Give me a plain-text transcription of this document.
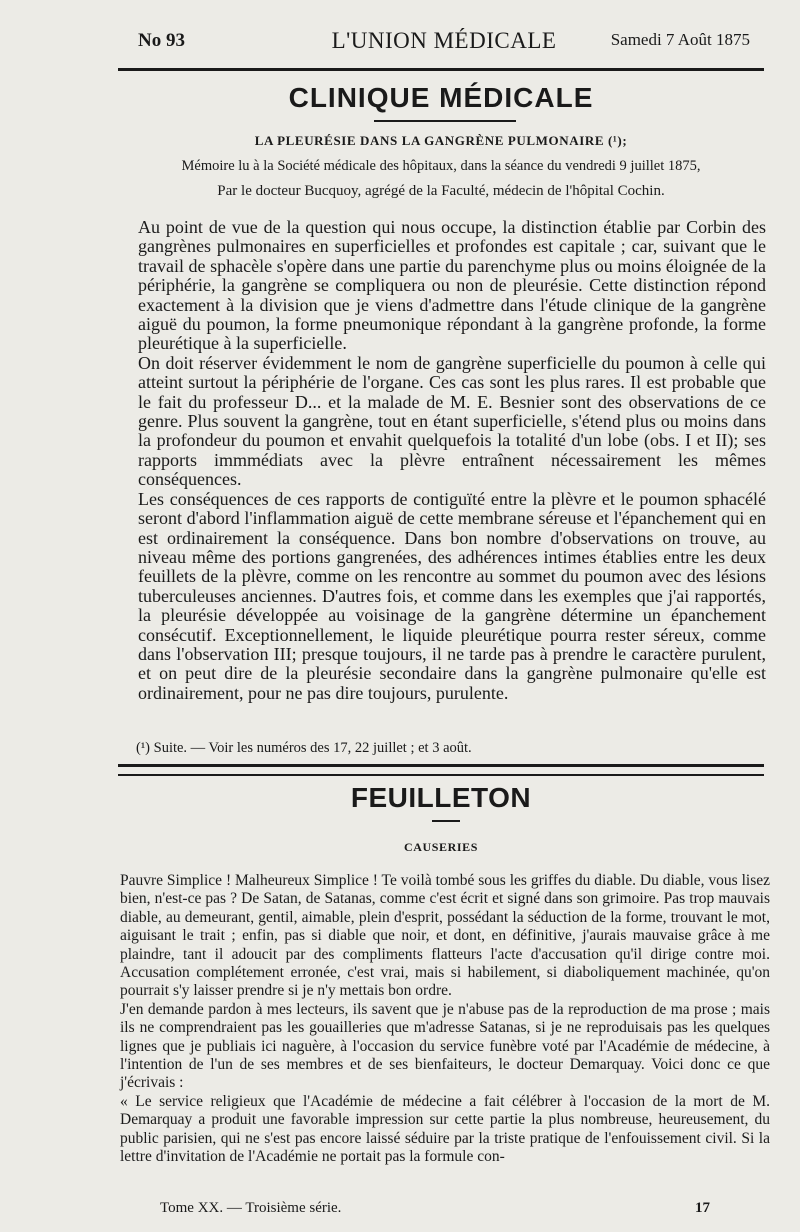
No 93	L'UNION MÉDICALE	Samedi 7 Août 1875
CLINIQUE MÉDICALE
LA PLEURÉSIE DANS LA GANGRÈNE PULMONAIRE (¹);
Mémoire lu à la Société médicale des hôpitaux, dans la séance du vendredi 9 juillet 1875,
Par le docteur Bucquoy, agrégé de la Faculté, médecin de l'hôpital Cochin.

Au point de vue de la question qui nous occupe, la distinction établie par Corbin des gangrènes pulmonaires en superficielles et profondes est capitale ; car, suivant que le travail de sphacèle s'opère dans une partie du parenchyme plus ou moins éloignée de la périphérie, la gangrène se compliquera ou non de pleurésie. Cette distinction répond exactement à la division que je viens d'admettre dans l'étude clinique de la gangrène aiguë du poumon, la forme pneumonique répondant à la gangrène profonde, la forme pleurétique à la superficielle.

On doit réserver évidemment le nom de gangrène superficielle du poumon à celle qui atteint surtout la périphérie de l'organe. Ces cas sont les plus rares. Il est probable que le fait du professeur D... et la malade de M. E. Besnier sont des observations de ce genre. Plus souvent la gangrène, tout en étant superficielle, s'étend plus ou moins dans la profondeur du poumon et envahit quelquefois la totalité d'un lobe (obs. I et II); ses rapports immmédiats avec la plèvre entraînent nécessairement les mêmes conséquences.

Les conséquences de ces rapports de contiguïté entre la plèvre et le poumon sphacélé seront d'abord l'inflammation aiguë de cette membrane séreuse et l'épanchement qui en est ordinairement la conséquence. Dans bon nombre d'observations on trouve, au niveau même des portions gangrenées, des adhérences intimes établies entre les deux feuillets de la plèvre, comme on les rencontre au sommet du poumon avec des lésions tuberculeuses anciennes. D'autres fois, et comme dans les exemples que j'ai rapportés, la pleurésie développée au voisinage de la gangrène détermine un épanchement consécutif. Exceptionnellement, le liquide pleurétique pourra rester séreux, comme dans l'observation III; presque toujours, il ne tarde pas à prendre le caractère purulent, et on peut dire de la pleurésie secondaire dans la gangrène pulmonaire qu'elle est ordinairement, pour ne pas dire toujours, purulente.

(¹) Suite. — Voir les numéros des 17, 22 juillet ; et 3 août.
FEUILLETON
CAUSERIES

Pauvre Simplice ! Malheureux Simplice ! Te voilà tombé sous les griffes du diable. Du diable, vous lisez bien, n'est-ce pas ? De Satan, de Satanas, comme c'est écrit et signé dans son grimoire. Pas trop mauvais diable, au demeurant, gentil, aimable, plein d'esprit, possédant la séduction de la forme, trouvant le mot, aiguisant le trait ; enfin, pas si diable que noir, et dont, en définitive, j'aurais mauvaise grâce à me plaindre, tant il adoucit par des compliments flatteurs l'acte d'accusation qu'il dirige contre moi. Accusation complétement erronée, c'est vrai, mais si habilement, si diaboliquement machinée, qu'on pourrait s'y laisser prendre si je n'y mettais bon ordre.

J'en demande pardon à mes lecteurs, ils savent que je n'abuse pas de la reproduction de ma prose ; mais ils ne comprendraient pas les gouailleries que m'adresse Satanas, si je ne reproduisais pas les quelques lignes que je publiais ici naguère, à l'occasion du service funèbre voté par l'Académie de médecine, à l'intention de l'un de ses membres et de ses bienfaiteurs, le docteur Demarquay. Voici donc ce que j'écrivais :

« Le service religieux que l'Académie de médecine a fait célébrer à l'occasion de la mort de M. Demarquay a produit une favorable impression sur cette partie la plus nombreuse, heureusement, du public parisien, qui ne s'est pas encore laissé séduire par la triste pratique de l'enfouissement civil. Si la lettre d'invitation de l'Académie ne portait pas la formule con-

Tome XX. — Troisième série.	17
